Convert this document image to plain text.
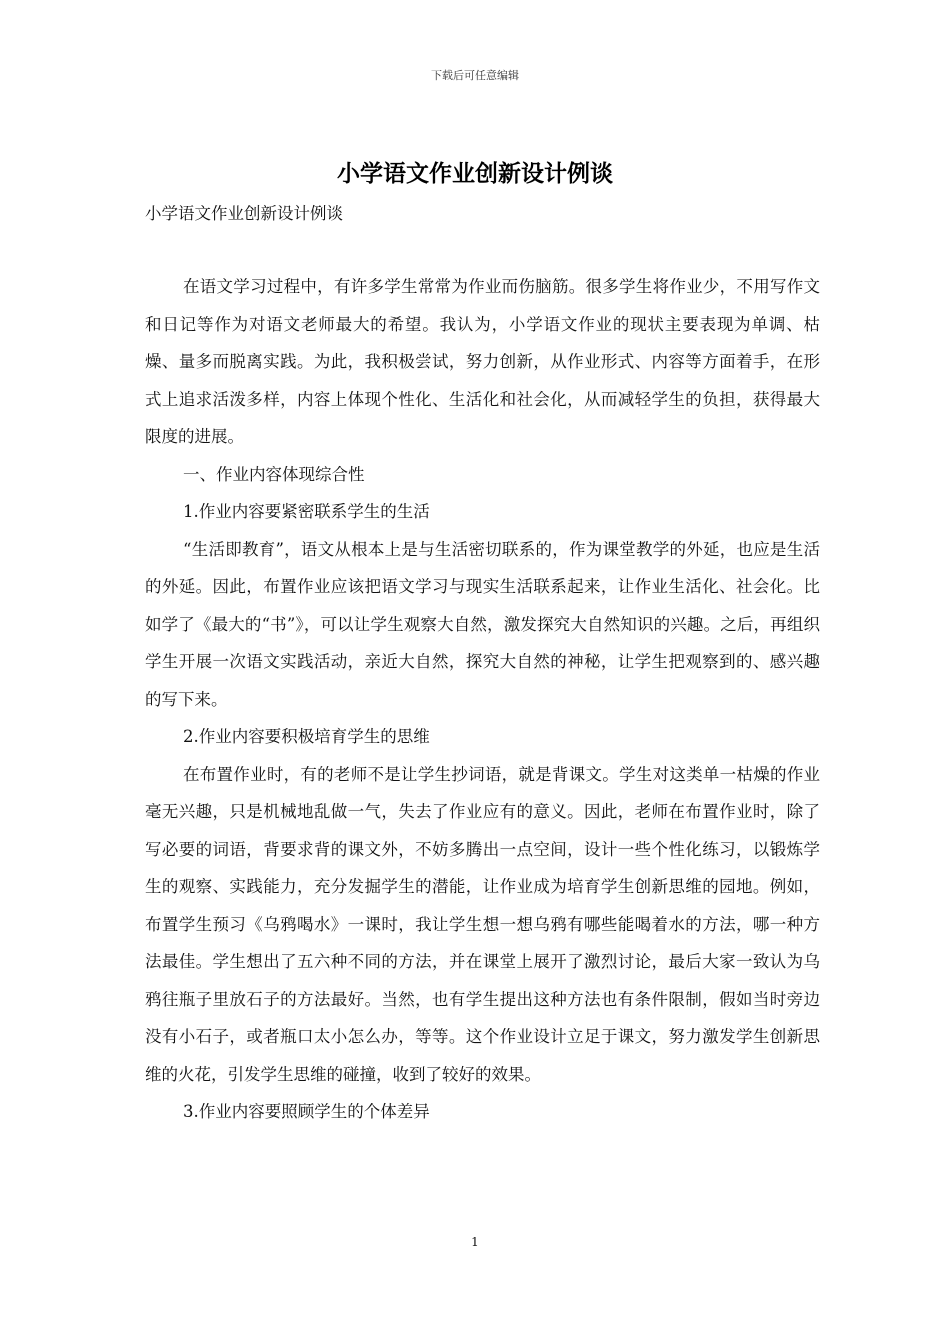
下载后可任意编辑
小学语文作业创新设计例谈
小学语文作业创新设计例谈

在语文学习过程中，有许多学生常常为作业而伤脑筋。很多学生将作业少，不用写作文和日记等作为对语文老师最大的希望。我认为，小学语文作业的现状主要表现为单调、枯燥、量多而脱离实践。为此，我积极尝试，努力创新，从作业形式、内容等方面着手，在形式上追求活泼多样，内容上体现个性化、生活化和社会化，从而减轻学生的负担，获得最大限度的进展。

一、作业内容体现综合性

1.作业内容要紧密联系学生的生活

“生活即教育”，语文从根本上是与生活密切联系的，作为课堂教学的外延，也应是生活的外延。因此，布置作业应该把语文学习与现实生活联系起来，让作业生活化、社会化。比如学了《最大的“书”》，可以让学生观察大自然，激发探究大自然知识的兴趣。之后，再组织学生开展一次语文实践活动，亲近大自然，探究大自然的神秘，让学生把观察到的、感兴趣的写下来。

2.作业内容要积极培育学生的思维

在布置作业时，有的老师不是让学生抄词语，就是背课文。学生对这类单一枯燥的作业毫无兴趣，只是机械地乱做一气，失去了作业应有的意义。因此，老师在布置作业时，除了写必要的词语，背要求背的课文外，不妨多腾出一点空间，设计一些个性化练习，以锻炼学生的观察、实践能力，充分发掘学生的潜能，让作业成为培育学生创新思维的园地。例如，布置学生预习《乌鸦喝水》一课时，我让学生想一想乌鸦有哪些能喝着水的方法，哪一种方法最佳。学生想出了五六种不同的方法，并在课堂上展开了激烈讨论，最后大家一致认为乌鸦往瓶子里放石子的方法最好。当然，也有学生提出这种方法也有条件限制，假如当时旁边没有小石子，或者瓶口太小怎么办，等等。这个作业设计立足于课文，努力激发学生创新思维的火花，引发学生思维的碰撞，收到了较好的效果。

3.作业内容要照顾学生的个体差异

1
